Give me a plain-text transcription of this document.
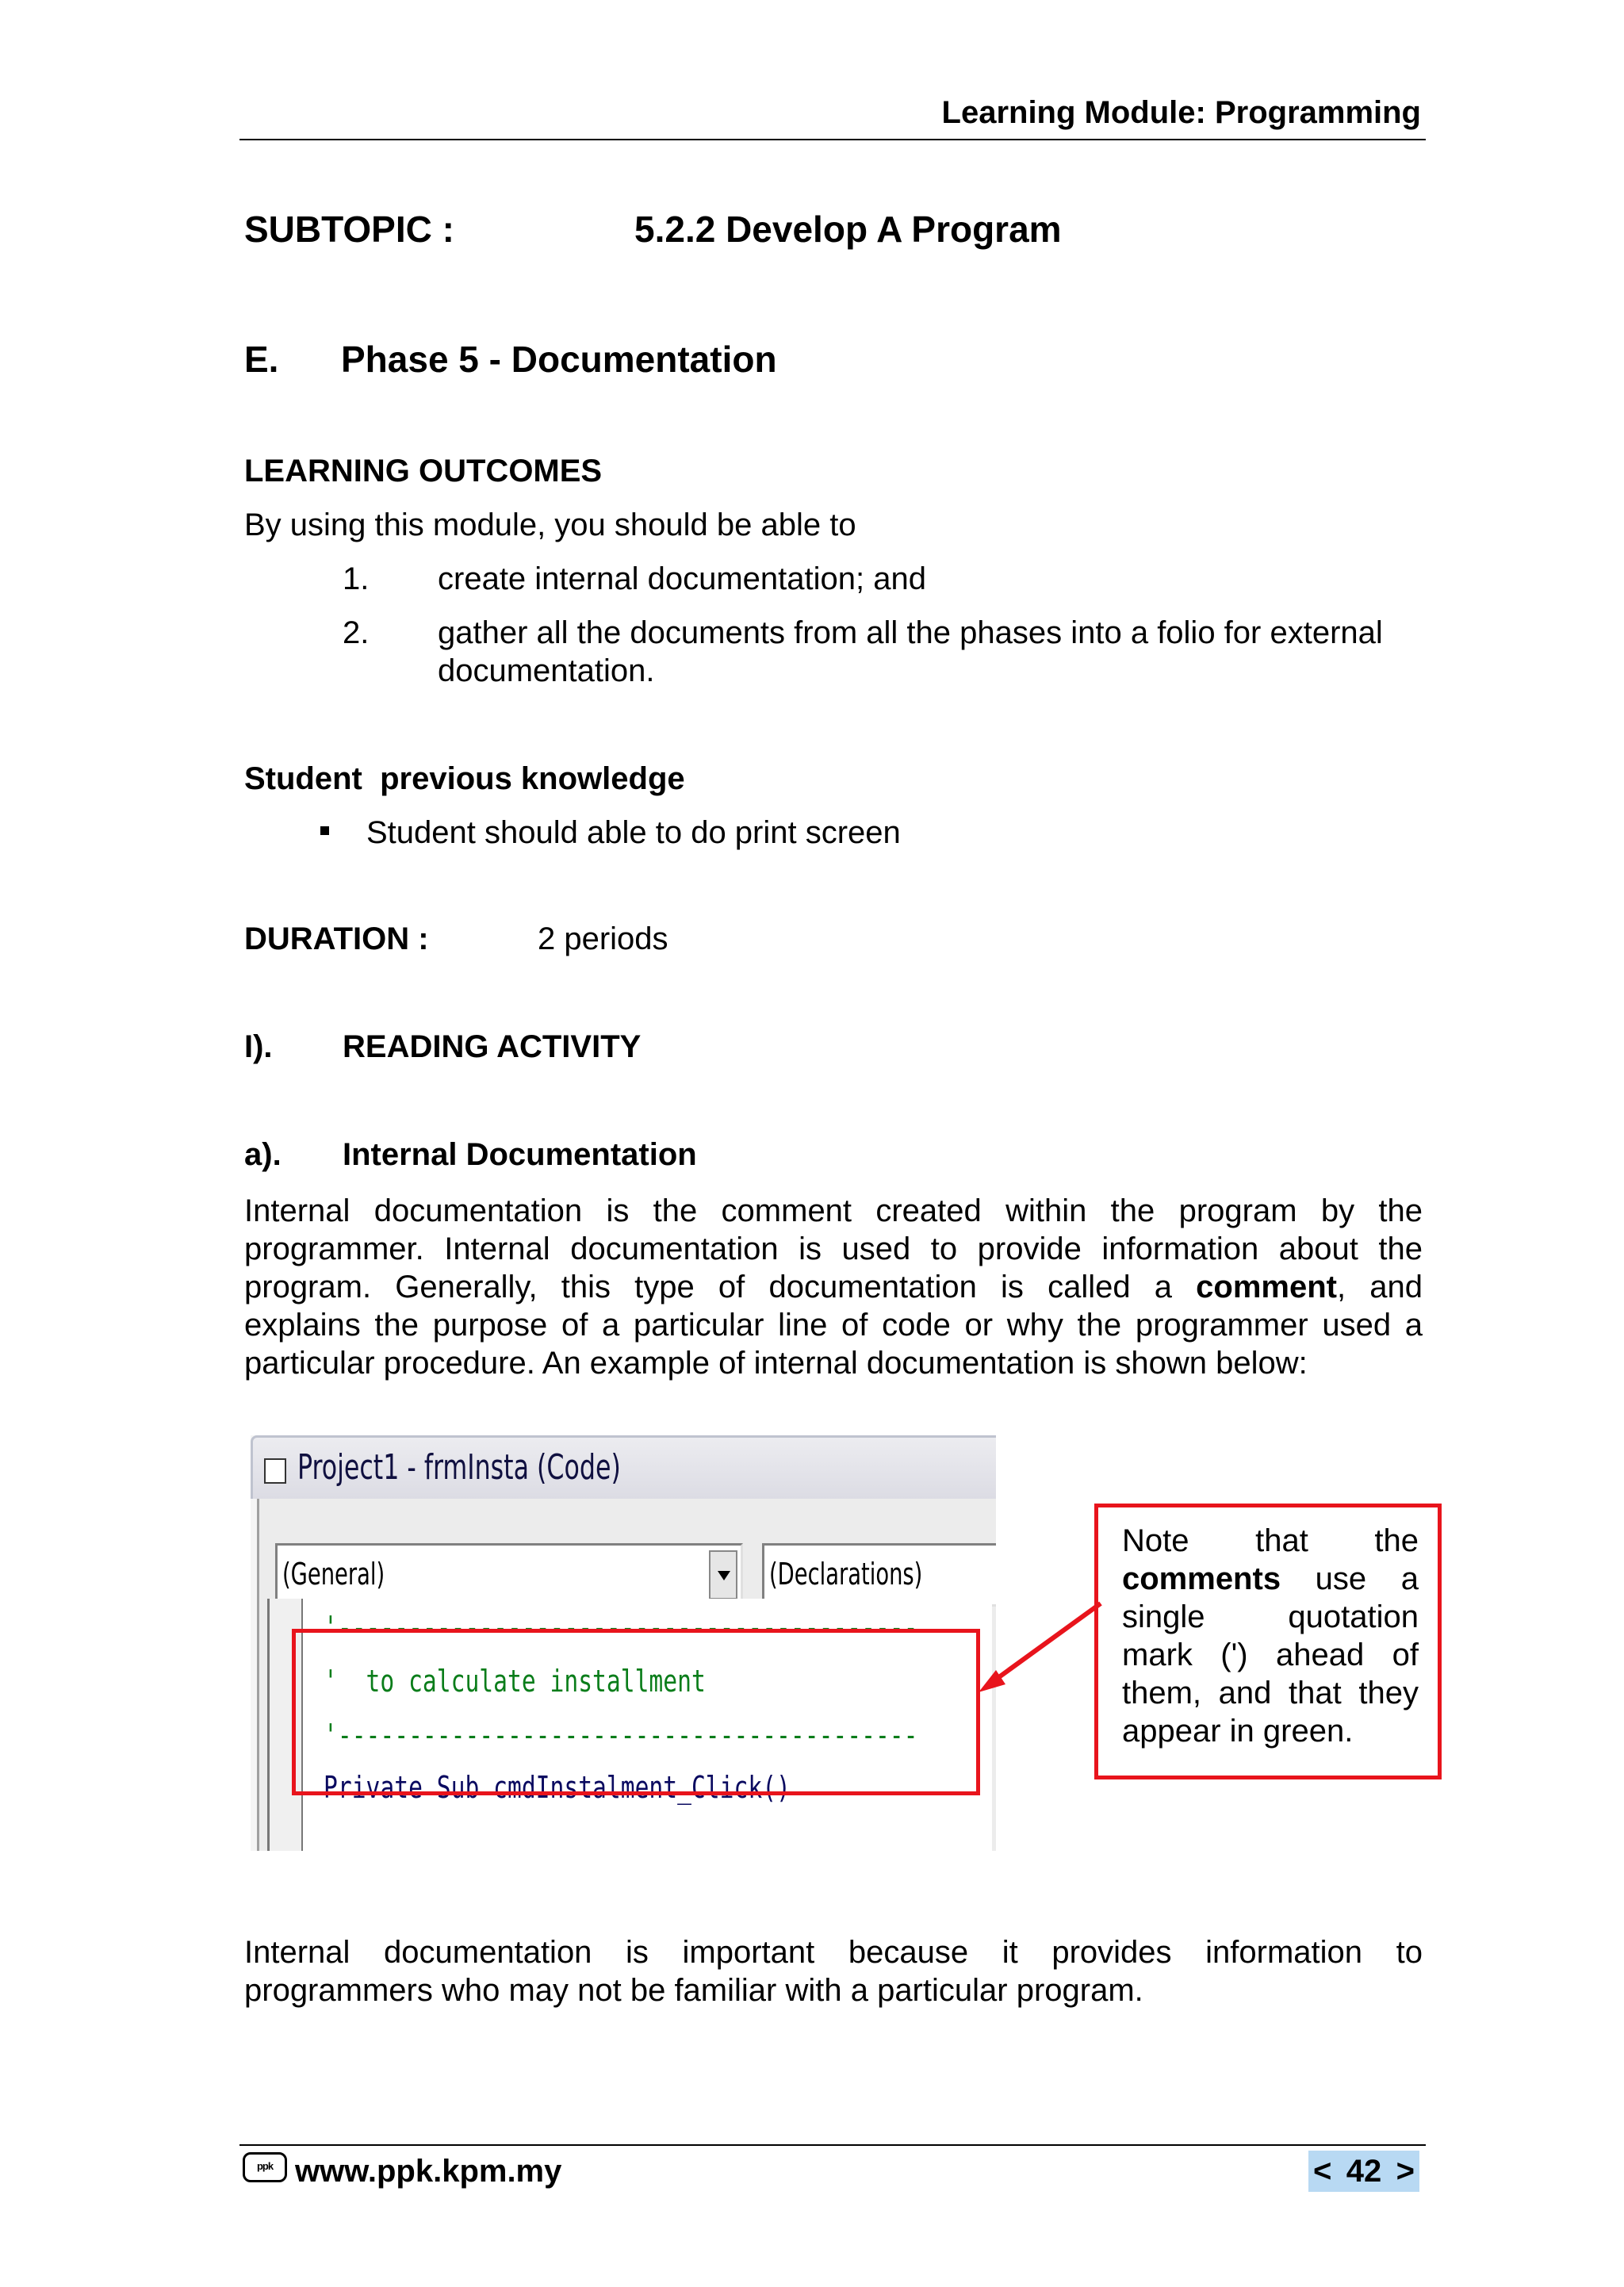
Learning Module: Programming
SUBTOPIC :	5.2.2 Develop A Program
E. Phase 5 - Documentation
LEARNING OUTCOMES
By using this module, you should be able to
1. create internal documentation; and
2. gather all the documents from all the phases into a folio for external
documentation.
Student  previous knowledge
Student should able to do print screen
DURATION :	2 periods
I). READING ACTIVITY
a). Internal Documentation
Internal documentation is the comment created within the program by the
programmer. Internal documentation is used to provide information about the
program. Generally, this type of documentation is called a comment, and
explains the purpose of a particular line of code or why the programmer used a
particular procedure. An example of internal documentation is shown below:
Project1 - frmInsta (Code)
(General)	(Declarations)
'-----------------------------------------
'  to calculate installment
'-----------------------------------------
Private Sub cmdInstalment_Click()
Note that the comments use a single quotation mark (') ahead of them, and that they appear in green.
Internal documentation is important because it provides information to
programmers who may not be familiar with a particular program.
ppk www.ppk.kpm.my	< 42 >
